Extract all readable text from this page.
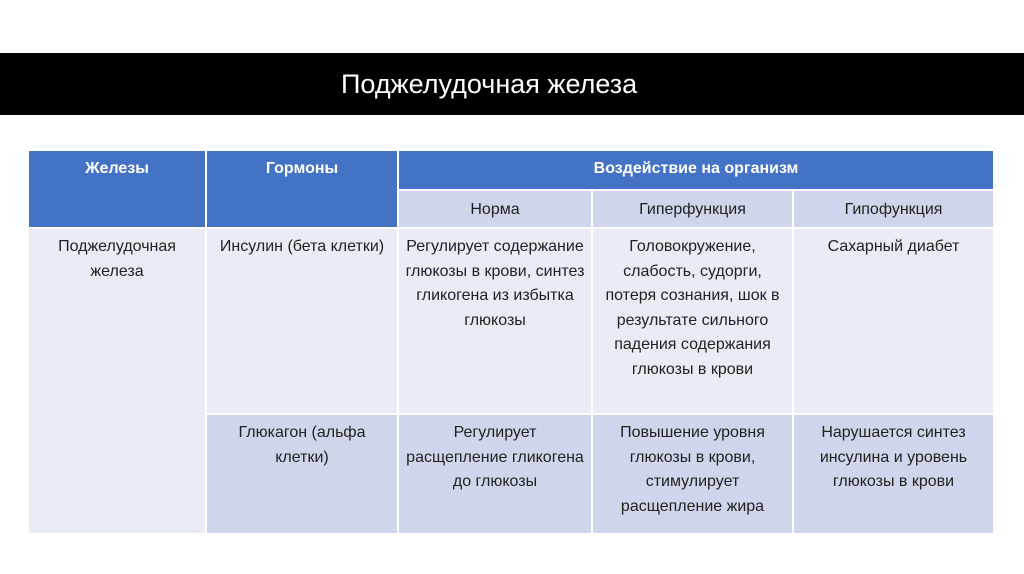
Поджелудочная железа
Железы	Гормоны	Воздействие на организм		

		Норма	Гиперфункция	Гипофункция

Поджелудочная железа	Инсулин (бета клетки)	Регулирует содержание глюкозы в крови, синтез гликогена из избытка глюкозы	Головокружение, слабость, судорги, потеря сознания, шок в результате сильного падения содержания глюкозы в крови	Сахарный диабет

	Глюкагон (альфа клетки)	Регулирует расщепление гликогена до глюкозы	Повышение уровня глюкозы в крови, стимулирует расщепление жира	Нарушается синтез инсулина и уровень глюкозы в крови
